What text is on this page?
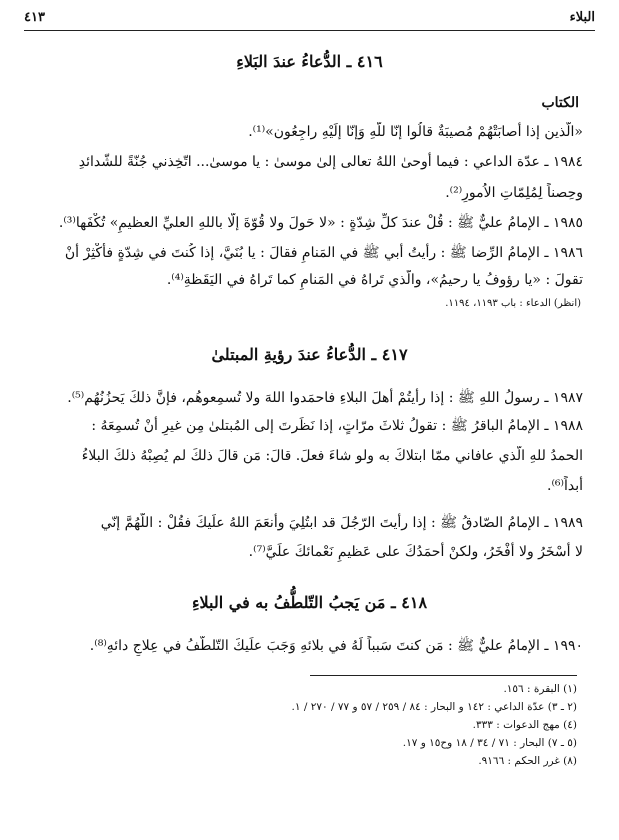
البلاء
٤١٣
٤١٦ ـ الدُّعاءُ عندَ البَلاءِ
الكتاب
«الّذين إذا أصابَتْهُمْ مُصيبَةٌ قالُوا إنّا للّهِ وَإنّا إلَيْهِ راجِعُون»⁽¹⁾.
١٩٨٤ ـ عدّة الداعي : فيما أوحىٰ اللهُ تعالى إلىٰ موسىٰ : يا موسىٰ... اتّخِذني جُنّةً للشّدائدِ
وحِصناً لِمُلِمّاتِ الاُمورِ⁽²⁾.
١٩٨٥ ـ الإمامُ عليٌّ ﷺ : قُلْ عندَ كلِّ شِدّةٍ : «لا حَولَ ولا قُوّةَ إلّا باللهِ العليِّ العظيمِ» تُكْفَها⁽³⁾.
١٩٨٦ ـ الإمامُ الرِّضا ﷺ : رأيتُ أبي ﷺ في المَنامِ فقالَ : يا بُنَيَّ، إذا كُنتَ في شِدّةٍ فأكْثِرْ أنْ
تقولَ : «يا رؤوفُ يا رحيمُ»، والّذي تَراهُ في المَنامِ كما تَراهُ في اليَقَظةِ⁽⁴⁾.
(انظر) الدعاء : باب ١١٩٣، ١١٩٤.
٤١٧ ـ الدُّعاءُ عندَ رؤيةِ المبتلىٰ
١٩٨٧ ـ رسولُ اللهِ ﷺ : إذا رأيتُمْ أهلَ البلاءِ فاحمَدوا اللهَ ولا تُسمِعوهُم، فإنَّ ذلكَ يَحزُنُهُم⁽⁵⁾.
١٩٨٨ ـ الإمامُ الباقرُ ﷺ : تقولُ ثلاثَ مرّاتٍ، إذا نَظَرتَ إلى المُبتلىٰ مِن غيرِ أنْ تُسمِعَهُ :
الحمدُ للهِ الّذي عافاني ممّا ابتلاكَ به ولو شاءَ فعلَ. قالَ: مَن قالَ ذلكَ لم يُصِبْهُ ذلكَ البلاءُ
أبداً⁽⁶⁾.
١٩٨٩ ـ الإمامُ الصّادقُ ﷺ : إذا رأيتَ الرّجُلَ قد ابتُلِيَ وأنعَمَ اللهُ علَيكَ فقُلْ : اللّهُمَّ إنّي
لا أسْخَرُ ولا أفْخَرُ، ولكنْ أحمَدُكَ على عَظيمِ نَعْمائكَ علَيَّ⁽⁷⁾.
٤١٨ ـ مَن يَجبُ التّلطُّفُ به في البلاءِ
١٩٩٠ ـ الإمامُ عليٌّ ﷺ : مَن كنتَ سَبباً لَهُ في بلائهِ وَجَبَ علَيكَ التّلطُّفُ في عِلاجِ دائهِ⁽⁸⁾.
(١) البقرة : ١٥٦.
(٢ ـ ٣) عدّة الداعي : ١٤٢ و البحار : ٨٤ / ٢٥٩ / ٥٧ و ٧٧ / ٢٧٠ / ١.
(٤) مهج الدعوات : ٣٣٣.
(٥ ـ ٧) البحار : ٧١ / ٣٤ / ١٨ وح١٥ و ١٧.
(٨) غرر الحكم : ٩١٦٦.
